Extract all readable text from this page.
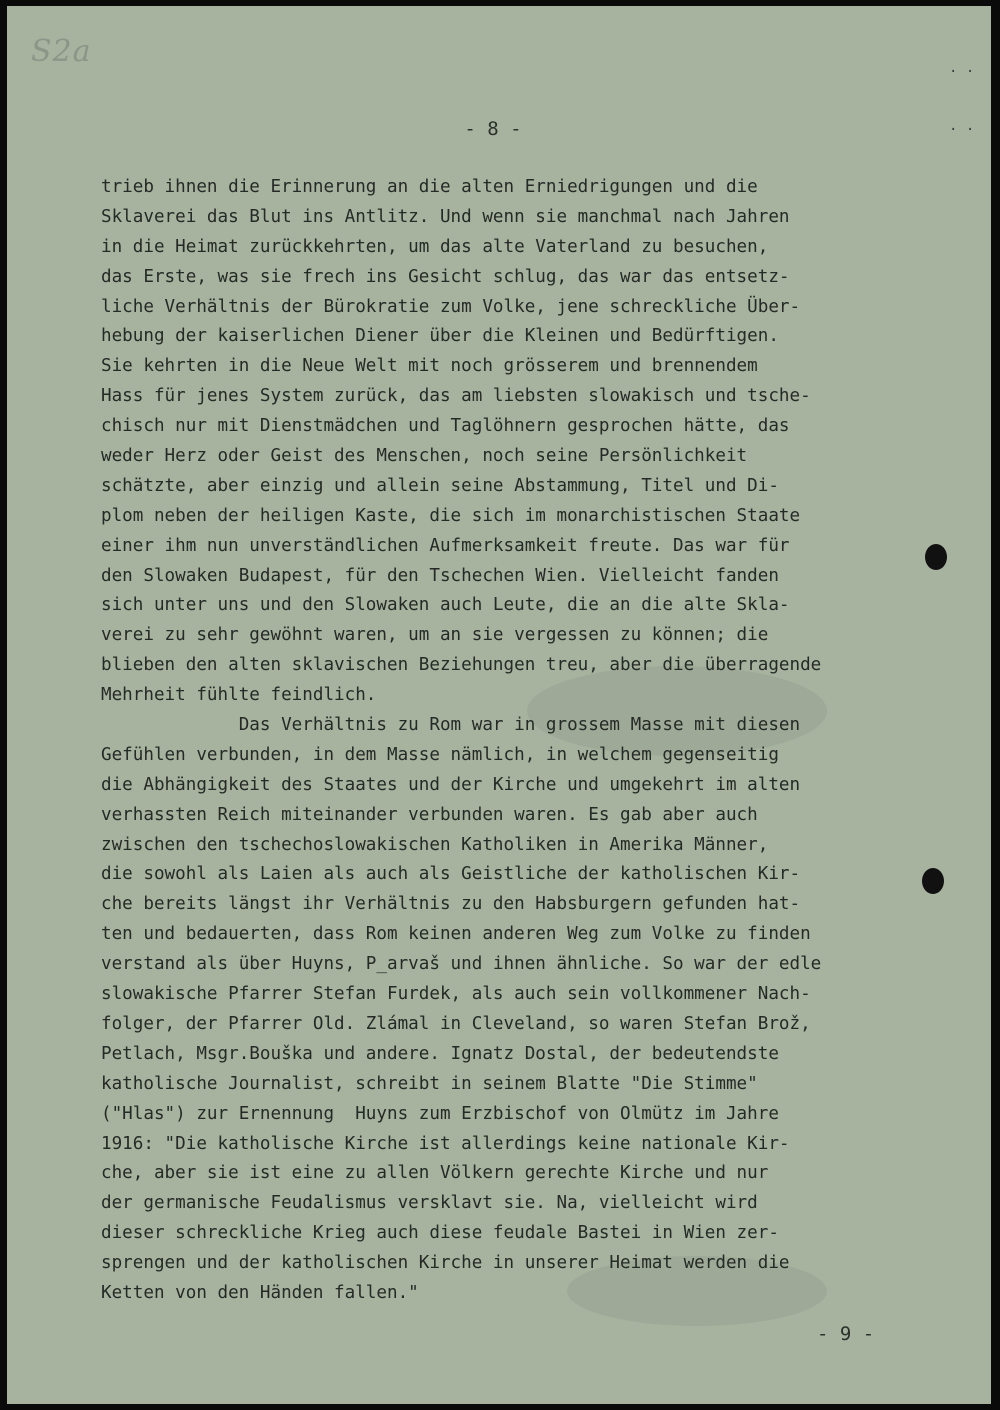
S2a
- 8 -
· ·
· ·
trieb ihnen die Erinnerung an die alten Erniedrigungen und die
Sklaverei das Blut ins Antlitz. Und wenn sie manchmal nach Jahren
in die Heimat zurückkehrten, um das alte Vaterland zu besuchen,
das Erste, was sie frech ins Gesicht schlug, das war das entsetz-
liche Verhältnis der Bürokratie zum Volke, jene schreckliche Über-
hebung der kaiserlichen Diener über die Kleinen und Bedürftigen.
Sie kehrten in die Neue Welt mit noch grösserem und brennendem
Hass für jenes System zurück, das am liebsten slowakisch und tsche-
chisch nur mit Dienstmädchen und Taglöhnern gesprochen hätte, das
weder Herz oder Geist des Menschen, noch seine Persönlichkeit
schätzte, aber einzig und allein seine Abstammung, Titel und Di-
plom neben der heiligen Kaste, die sich im monarchistischen Staate
einer ihm nun unverständlichen Aufmerksamkeit freute. Das war für
den Slowaken Budapest, für den Tschechen Wien. Vielleicht fanden
sich unter uns und den Slowaken auch Leute, die an die alte Skla-
verei zu sehr gewöhnt waren, um an sie vergessen zu können; die
blieben den alten sklavischen Beziehungen treu, aber die überragende
Mehrheit fühlte feindlich.
Das Verhältnis zu Rom war in grossem Masse mit diesen
Gefühlen verbunden, in dem Masse nämlich, in welchem gegenseitig
die Abhängigkeit des Staates und der Kirche und umgekehrt im alten
verhassten Reich miteinander verbunden waren. Es gab aber auch
zwischen den tschechoslowakischen Katholiken in Amerika Männer,
die sowohl als Laien als auch als Geistliche der katholischen Kir-
che bereits längst ihr Verhältnis zu den Habsburgern gefunden hat-
ten und bedauerten, dass Rom keinen anderen Weg zum Volke zu finden
verstand als über Huyns, P_arvaš und ihnen ähnliche. So war der edle
slowakische Pfarrer Stefan Furdek, als auch sein vollkommener Nach-
folger, der Pfarrer Old. Zlámal in Cleveland, so waren Stefan Brož,
Petlach, Msgr.Bouška und andere. Ignatz Dostal, der bedeutendste
katholische Journalist, schreibt in seinem Blatte "Die Stimme"
("Hlas") zur Ernennung  Huyns zum Erzbischof von Olmütz im Jahre
1916: "Die katholische Kirche ist allerdings keine nationale Kir-
che, aber sie ist eine zu allen Völkern gerechte Kirche und nur
der germanische Feudalismus versklavt sie. Na, vielleicht wird
dieser schreckliche Krieg auch diese feudale Bastei in Wien zer-
sprengen und der katholischen Kirche in unserer Heimat werden die
Ketten von den Händen fallen."
- 9 -
